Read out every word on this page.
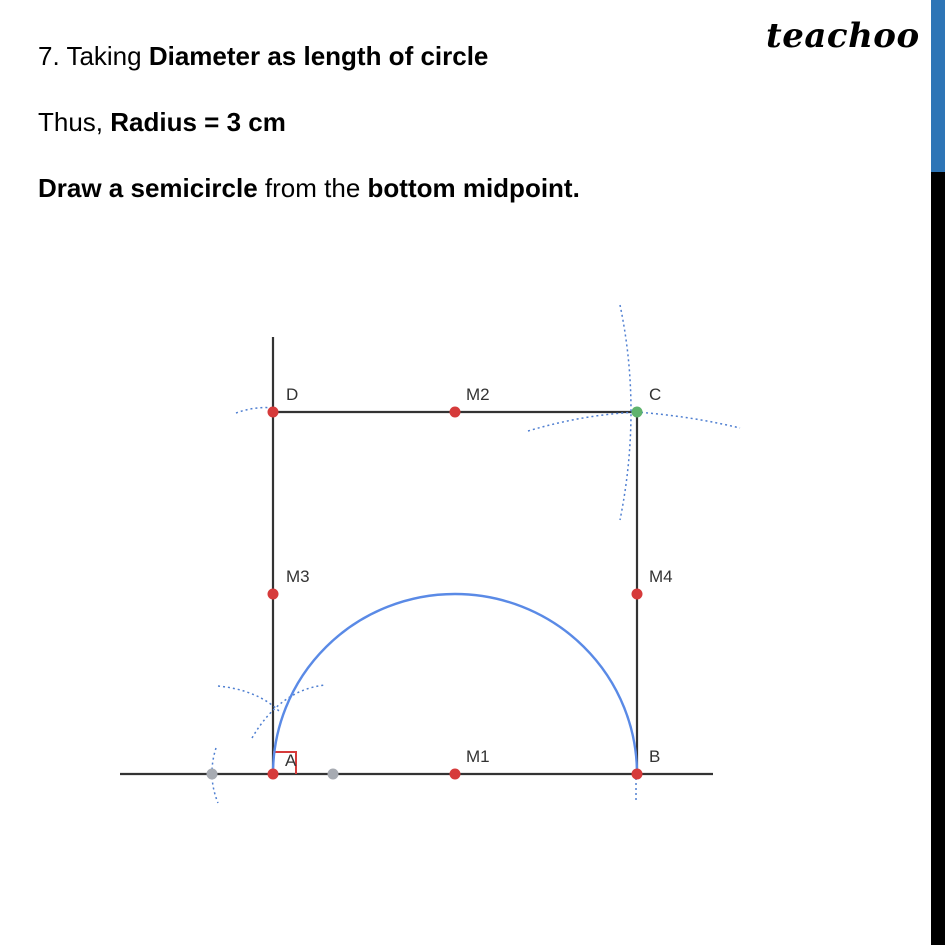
7. Taking Diameter as length of circle

Thus, Radius = 3 cm

Draw a semicircle from the bottom midpoint.

teachoo
D	M2	C
M3	M4
A	M1	B
